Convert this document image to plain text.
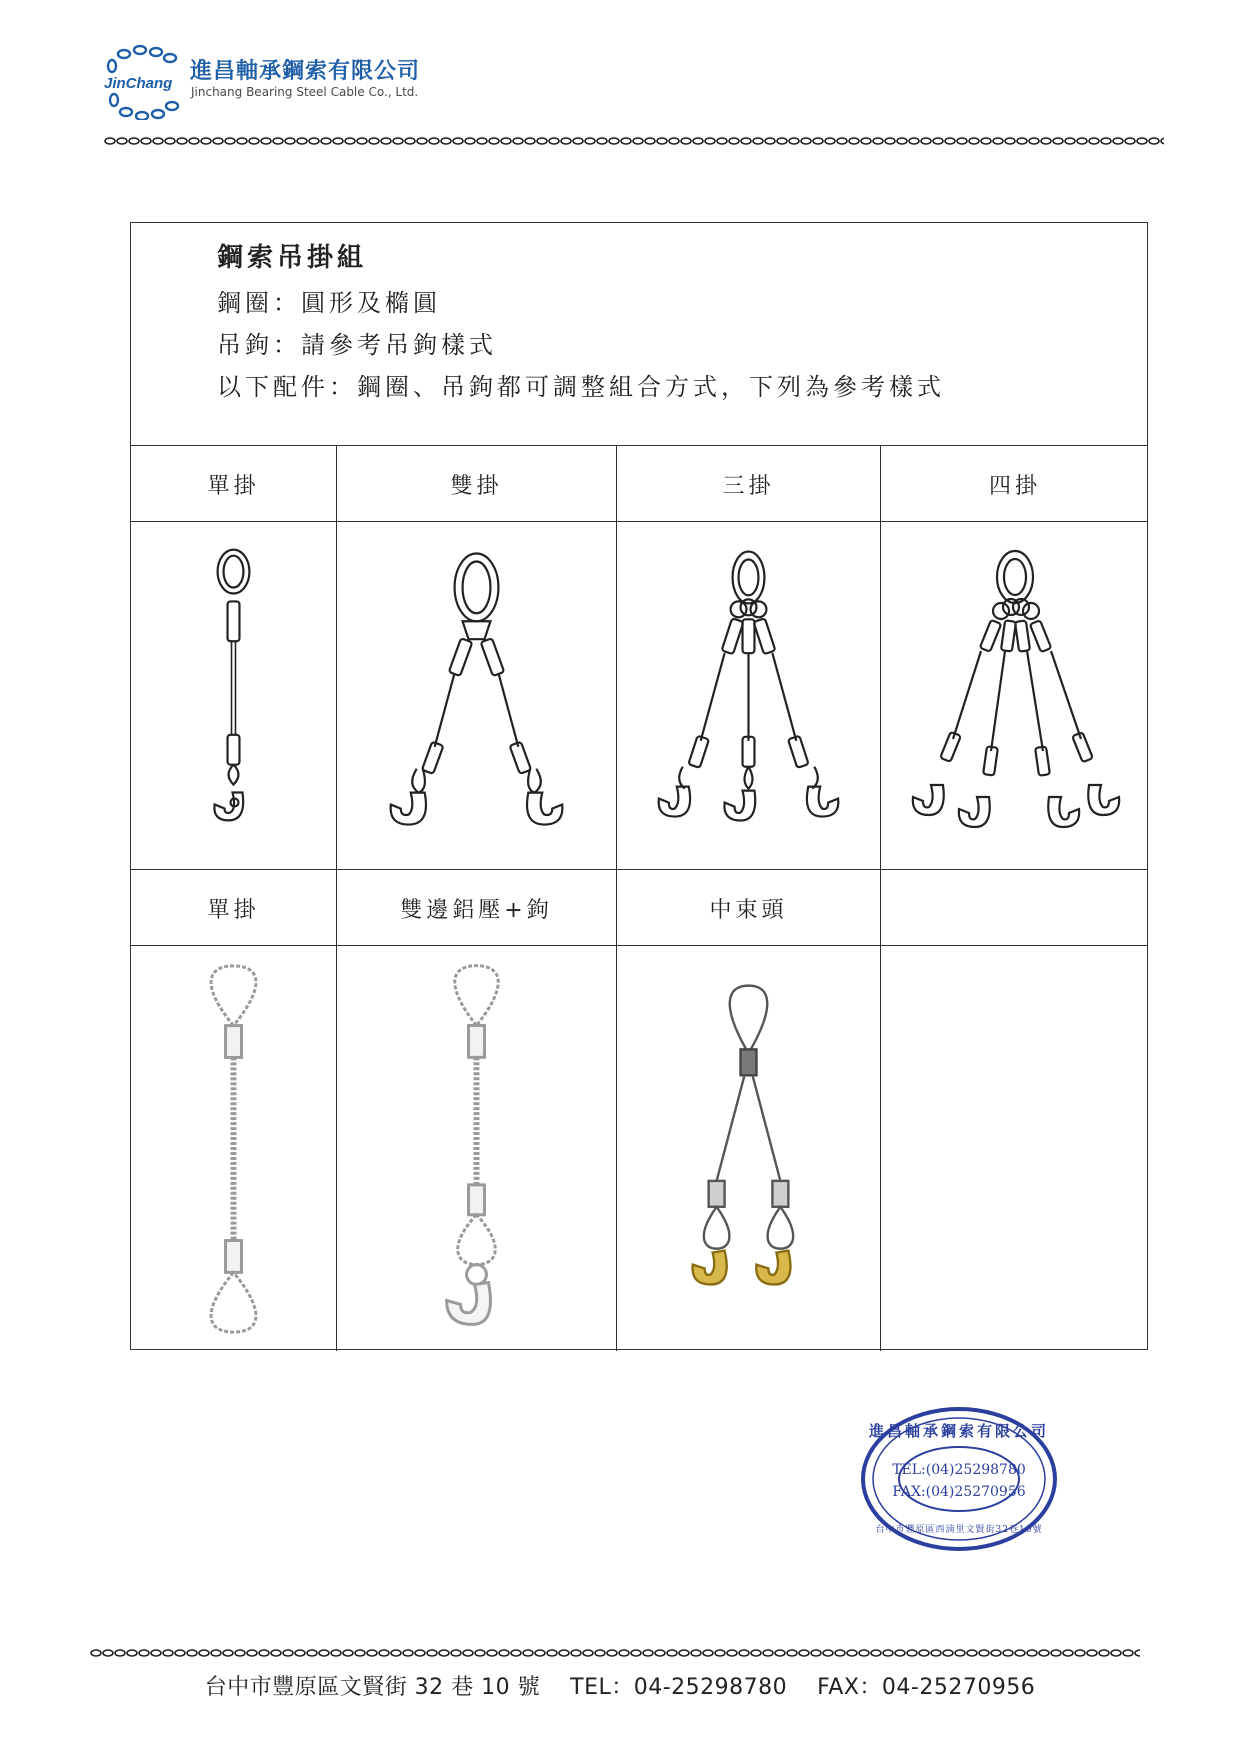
JinChang 進昌軸承鋼索有限公司
Jinchang Bearing Steel Cable Co., Ltd.
鋼索吊掛組
鋼圈：圓形及橢圓
吊鉤：請參考吊鉤樣式
以下配件：鋼圈、吊鉤都可調整組合方式，下列為參考樣式
單掛	雙掛	三掛	四掛
單掛	雙邊鋁壓+鉤	中束頭
進昌軸承鋼索有限公司
TEL:(04)25298780
FAX:(04)25270956
台中市豐原區西湳里文賢街32巷10號
台中市豐原區文賢街 32 巷 10 號　 TEL：04-25298780　 FAX：04-25270956
